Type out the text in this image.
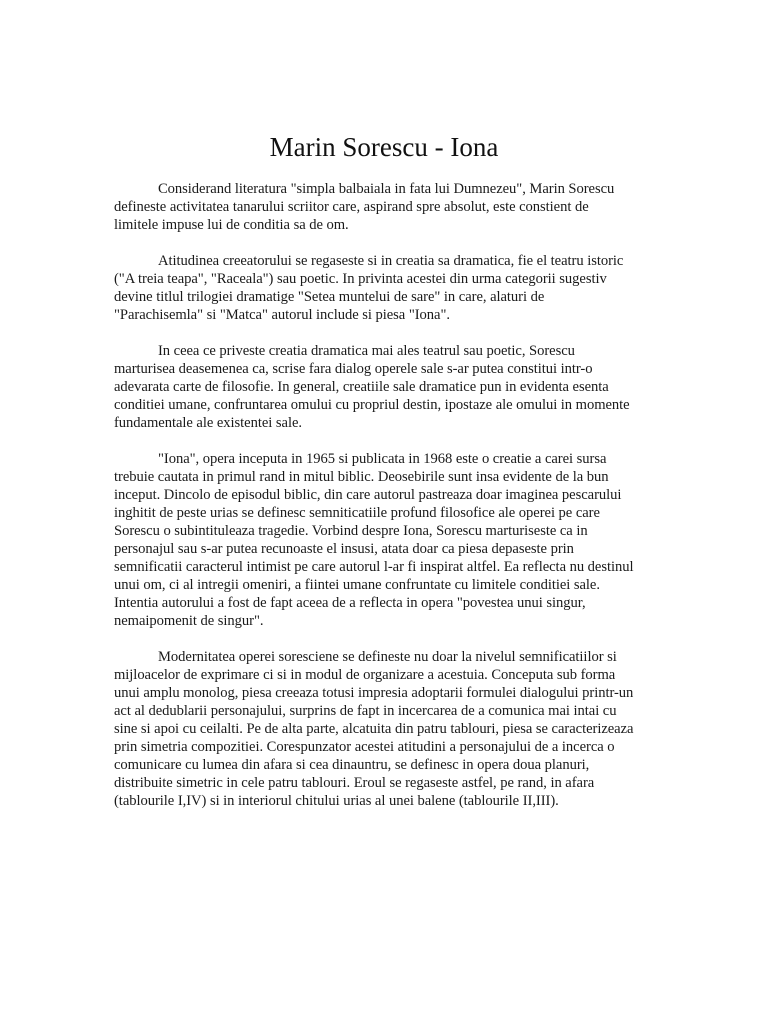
Marin Sorescu - Iona

Considerand literatura "simpla balbaiala in fata lui Dumnezeu", Marin Sorescu defineste activitatea tanarului scriitor care, aspirand spre absolut, este constient de limitele impuse lui de conditia sa de om.

Atitudinea creeatorului se regaseste si in creatia sa dramatica, fie el teatru istoric ("A treia teapa", "Raceala") sau poetic. In privinta acestei din urma categorii sugestiv devine titlul trilogiei dramatige "Setea muntelui de sare" in care, alaturi de "Parachisemla" si "Matca" autorul include si piesa "Iona".

In ceea ce priveste creatia dramatica mai ales teatrul sau poetic, Sorescu marturisea deasemenea ca, scrise fara dialog operele sale s-ar putea constitui intr-o adevarata carte de filosofie. In general, creatiile sale dramatice pun in evidenta esenta conditiei umane, confruntarea omului cu propriul destin, ipostaze ale omului in momente fundamentale ale existentei sale.

"Iona", opera inceputa in 1965 si publicata in 1968 este o creatie a carei sursa trebuie cautata in primul rand in mitul biblic. Deosebirile sunt insa evidente de la bun inceput. Dincolo de episodul biblic, din care autorul pastreaza doar imaginea pescarului inghitit de peste urias se definesc semniticatiile profund filosofice ale operei pe care Sorescu o subintituleaza tragedie. Vorbind despre Iona, Sorescu marturiseste ca in personajul sau s-ar putea recunoaste el insusi, atata doar ca piesa depaseste prin semnificatii caracterul intimist pe care autorul l-ar fi inspirat altfel. Ea reflecta nu destinul unui om, ci al intregii omeniri, a fiintei umane confruntate cu limitele conditiei sale. Intentia autorului a fost de fapt aceea de a reflecta in opera "povestea unui singur, nemaipomenit de singur".

Modernitatea operei soresciene se defineste nu doar la nivelul semnificatiilor si mijloacelor de exprimare ci si in modul de organizare a acestuia. Conceputa sub forma unui amplu monolog, piesa creeaza totusi impresia adoptarii formulei dialogului printr-un act al dedublarii personajului, surprins de fapt in incercarea de a comunica mai intai cu sine si apoi cu ceilalti. Pe de alta parte, alcatuita din patru tablouri, piesa se caracterizeaza prin simetria compozitiei. Corespunzator acestei atitudini a personajului de a incerca o comunicare cu lumea din afara si cea dinauntru, se definesc in opera doua planuri, distribuite simetric in cele patru tablouri. Eroul se regaseste astfel, pe rand, in afara (tablourile I,IV) si in interiorul chitului urias al unei balene (tablourile II,III).
